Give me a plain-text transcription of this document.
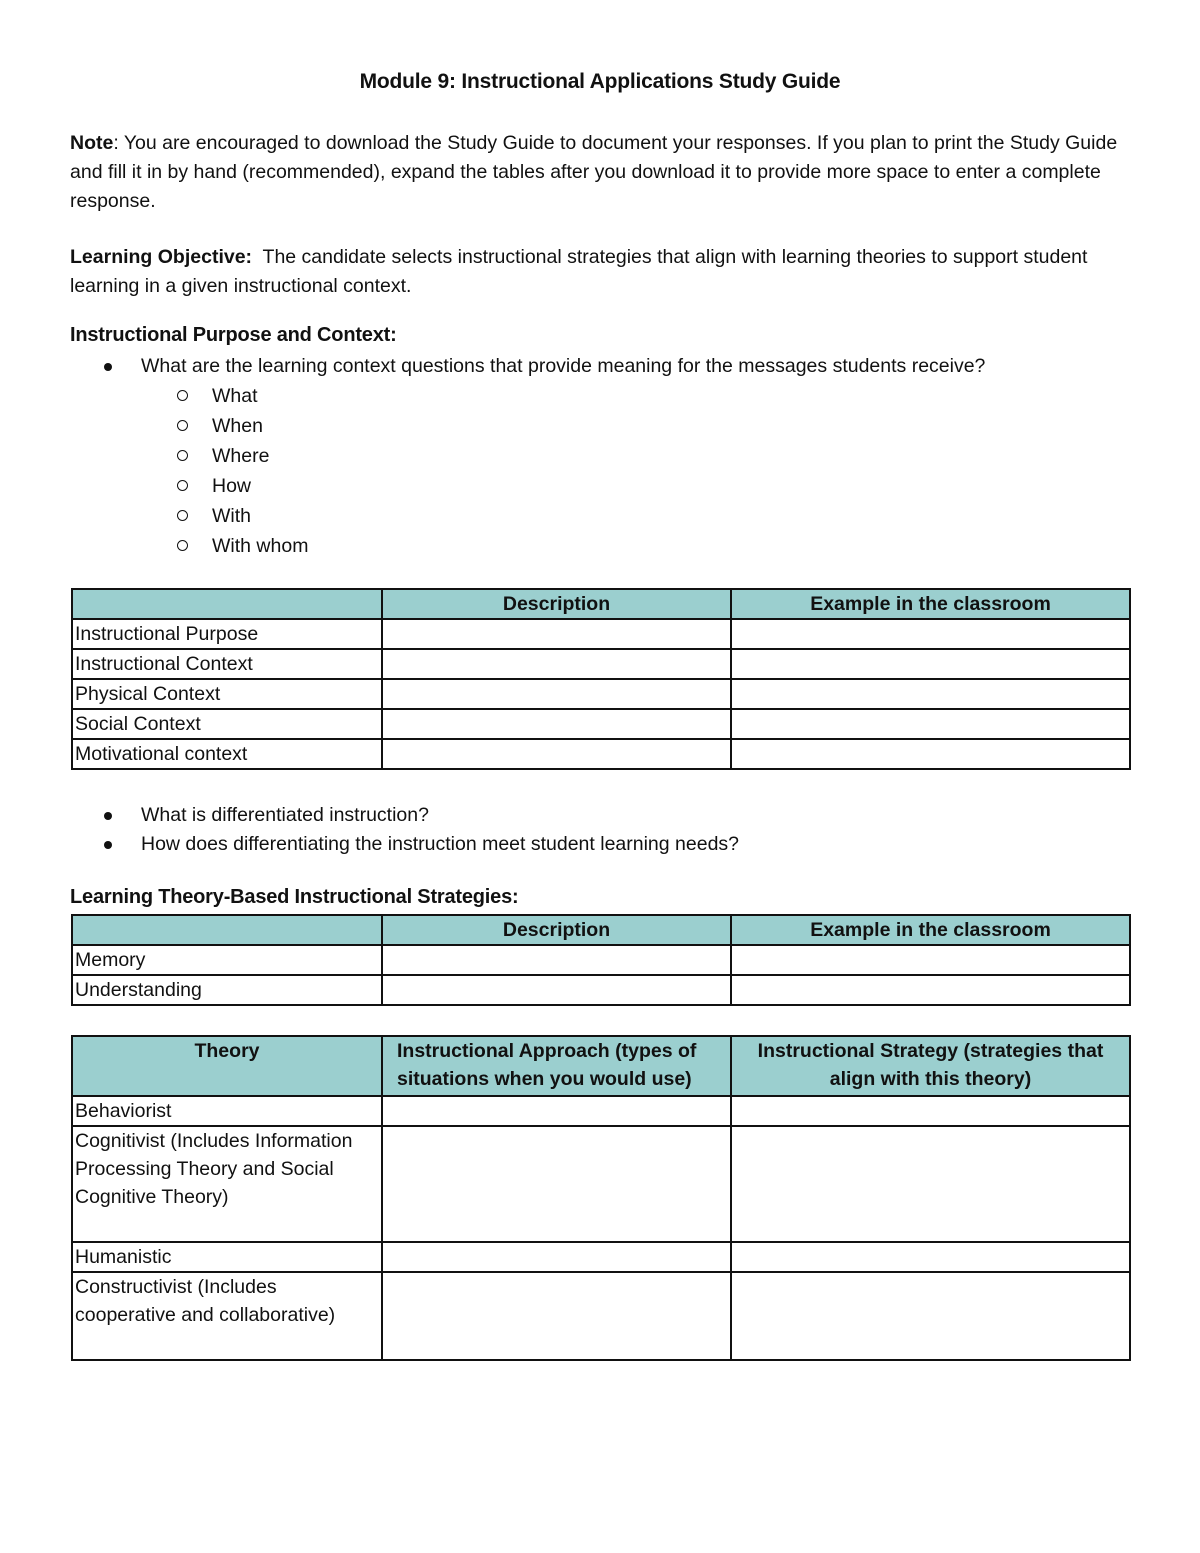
Module 9: Instructional Applications Study Guide
Note: You are encouraged to download the Study Guide to document your responses. If you plan to print the Study Guide and fill it in by hand (recommended), expand the tables after you download it to provide more space to enter a complete response.
Learning Objective:  The candidate selects instructional strategies that align with learning theories to support student learning in a given instructional context.
Instructional Purpose and Context:
What are the learning context questions that provide meaning for the messages students receive?
What
When
Where
How
With
With whom
	Description	Example in the classroom
Instructional Purpose		
Instructional Context		
Physical Context		
Social Context		
Motivational context		
What is differentiated instruction?
How does differentiating the instruction meet student learning needs?
Learning Theory-Based Instructional Strategies:
	Description	Example in the classroom
Memory		
Understanding		
Theory	Instructional Approach (types of situations when you would use)	Instructional Strategy (strategies that align with this theory)
Behaviorist		
Cognitivist (Includes Information Processing Theory and Social Cognitive Theory)		
Humanistic		
Constructivist (Includes cooperative and collaborative)		
